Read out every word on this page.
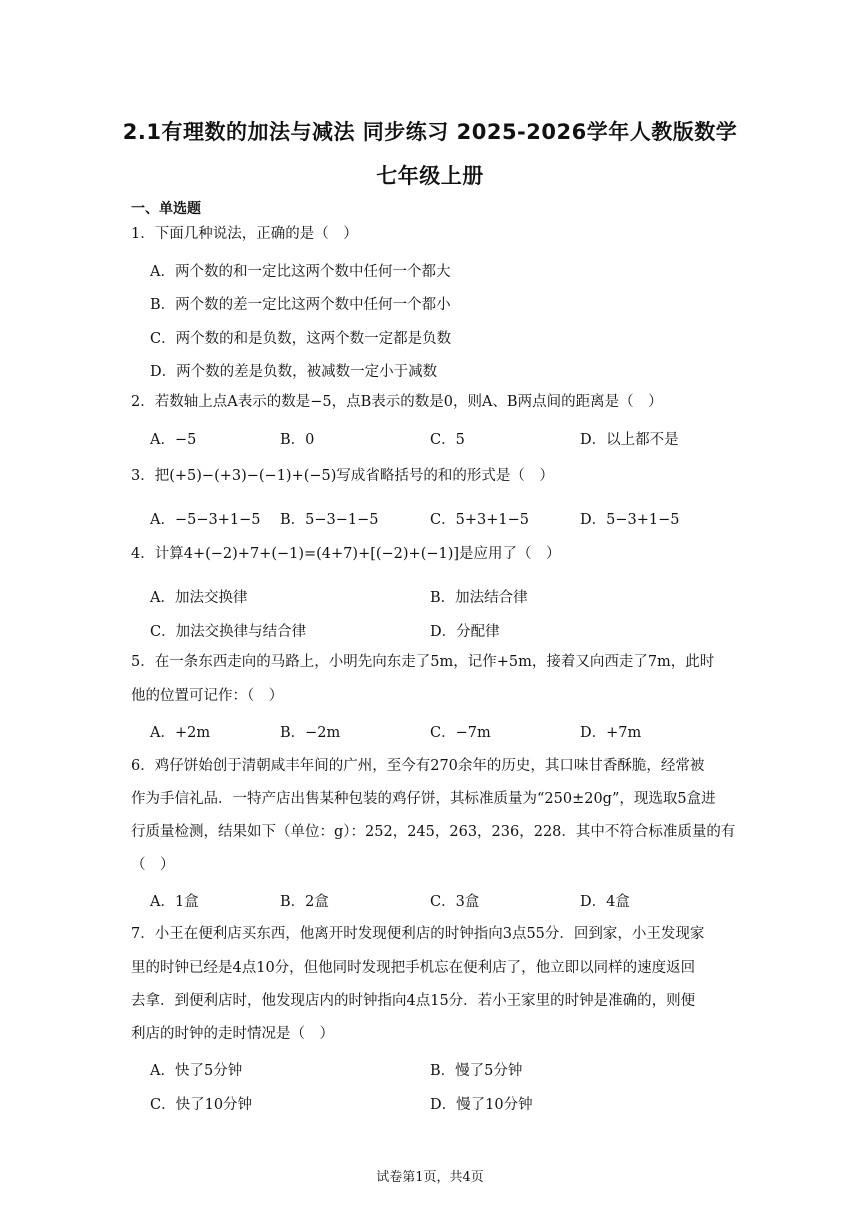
2.1有理数的加法与减法 同步练习 2025-2026学年人教版数学
七年级上册
一、单选题
1．下面几种说法，正确的是（　）
A．两个数的和一定比这两个数中任何一个都大
B．两个数的差一定比这两个数中任何一个都小
C．两个数的和是负数，这两个数一定都是负数
D．两个数的差是负数，被减数一定小于减数
2．若数轴上点A表示的数是−5，点B表示的数是0，则A、B两点间的距离是（　）
A．−5	B．0	C．5	D．以上都不是
3．把(+5)−(+3)−(−1)+(−5)写成省略括号的和的形式是（　）
A．−5−3+1−5 B．5−3−1−5	C．5+3+1−5	D．5−3+1−5
4．计算4+(−2)+7+(−1)=(4+7)+[(−2)+(−1)]是应用了（　）
A．加法交换律	B．加法结合律
C．加法交换律与结合律	D．分配律
5．在一条东西走向的马路上，小明先向东走了5m，记作+5m，接着又向西走了7m，此时
他的位置可记作：（　）
A．+2m	B．−2m	C．−7m	D．+7m
6．鸡仔饼始创于清朝咸丰年间的广州，至今有270余年的历史，其口味甘香酥脆，经常被
作为手信礼品．一特产店出售某种包装的鸡仔饼，其标准质量为“250±20g”，现选取5盒进
行质量检测，结果如下（单位：g）：252，245，263，236，228．其中不符合标准质量的有
（　）
A．1盒	B．2盒	C．3盒	D．4盒
7．小王在便利店买东西，他离开时发现便利店的时钟指向3点55分．回到家，小王发现家
里的时钟已经是4点10分，但他同时发现把手机忘在便利店了，他立即以同样的速度返回
去拿．到便利店时，他发现店内的时钟指向4点15分．若小王家里的时钟是准确的，则便
利店的时钟的走时情况是（　）
A．快了5分钟	B．慢了5分钟
C．快了10分钟	D．慢了10分钟
试卷第1页，共4页
